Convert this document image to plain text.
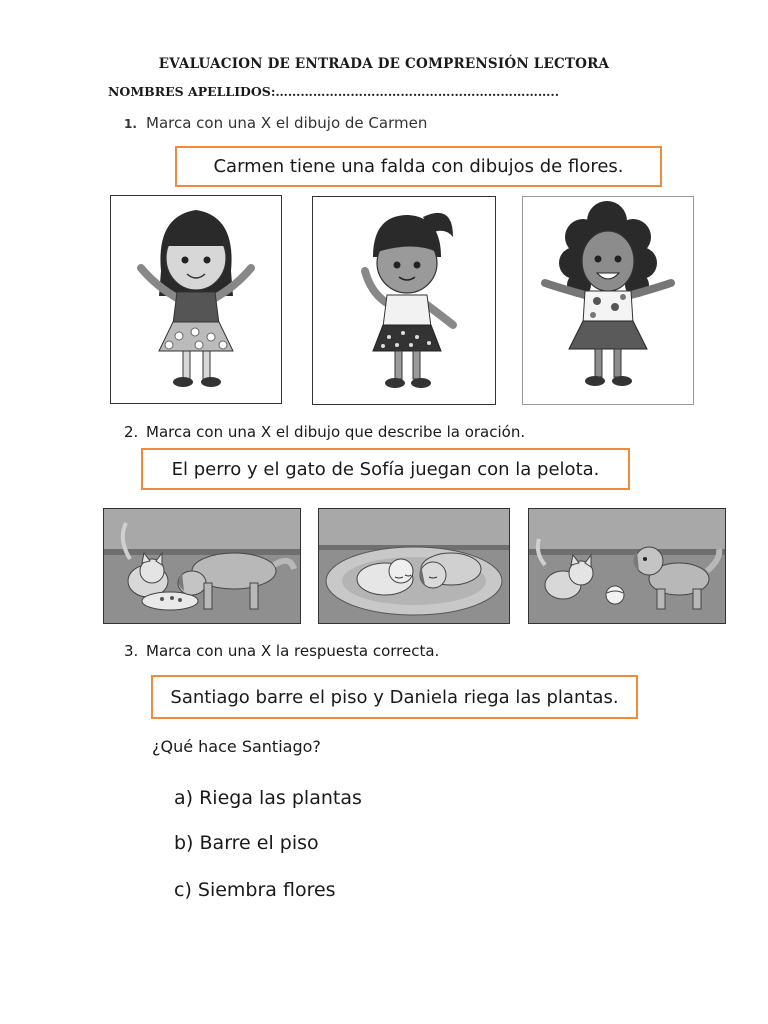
EVALUACION DE ENTRADA DE COMPRENSIÓN LECTORA
NOMBRES APELLIDOS:…………………………………………………………..
1. Marca con una X el dibujo de Carmen
Carmen tiene una falda con dibujos de flores.
2. Marca con una X el dibujo que describe la oración.
El perro y el gato de Sofía juegan con la pelota.
3. Marca con una X la respuesta correcta.
Santiago barre el piso y Daniela riega las plantas.
¿Qué hace Santiago?
a) Riega las plantas
b) Barre el piso
c) Siembra flores
